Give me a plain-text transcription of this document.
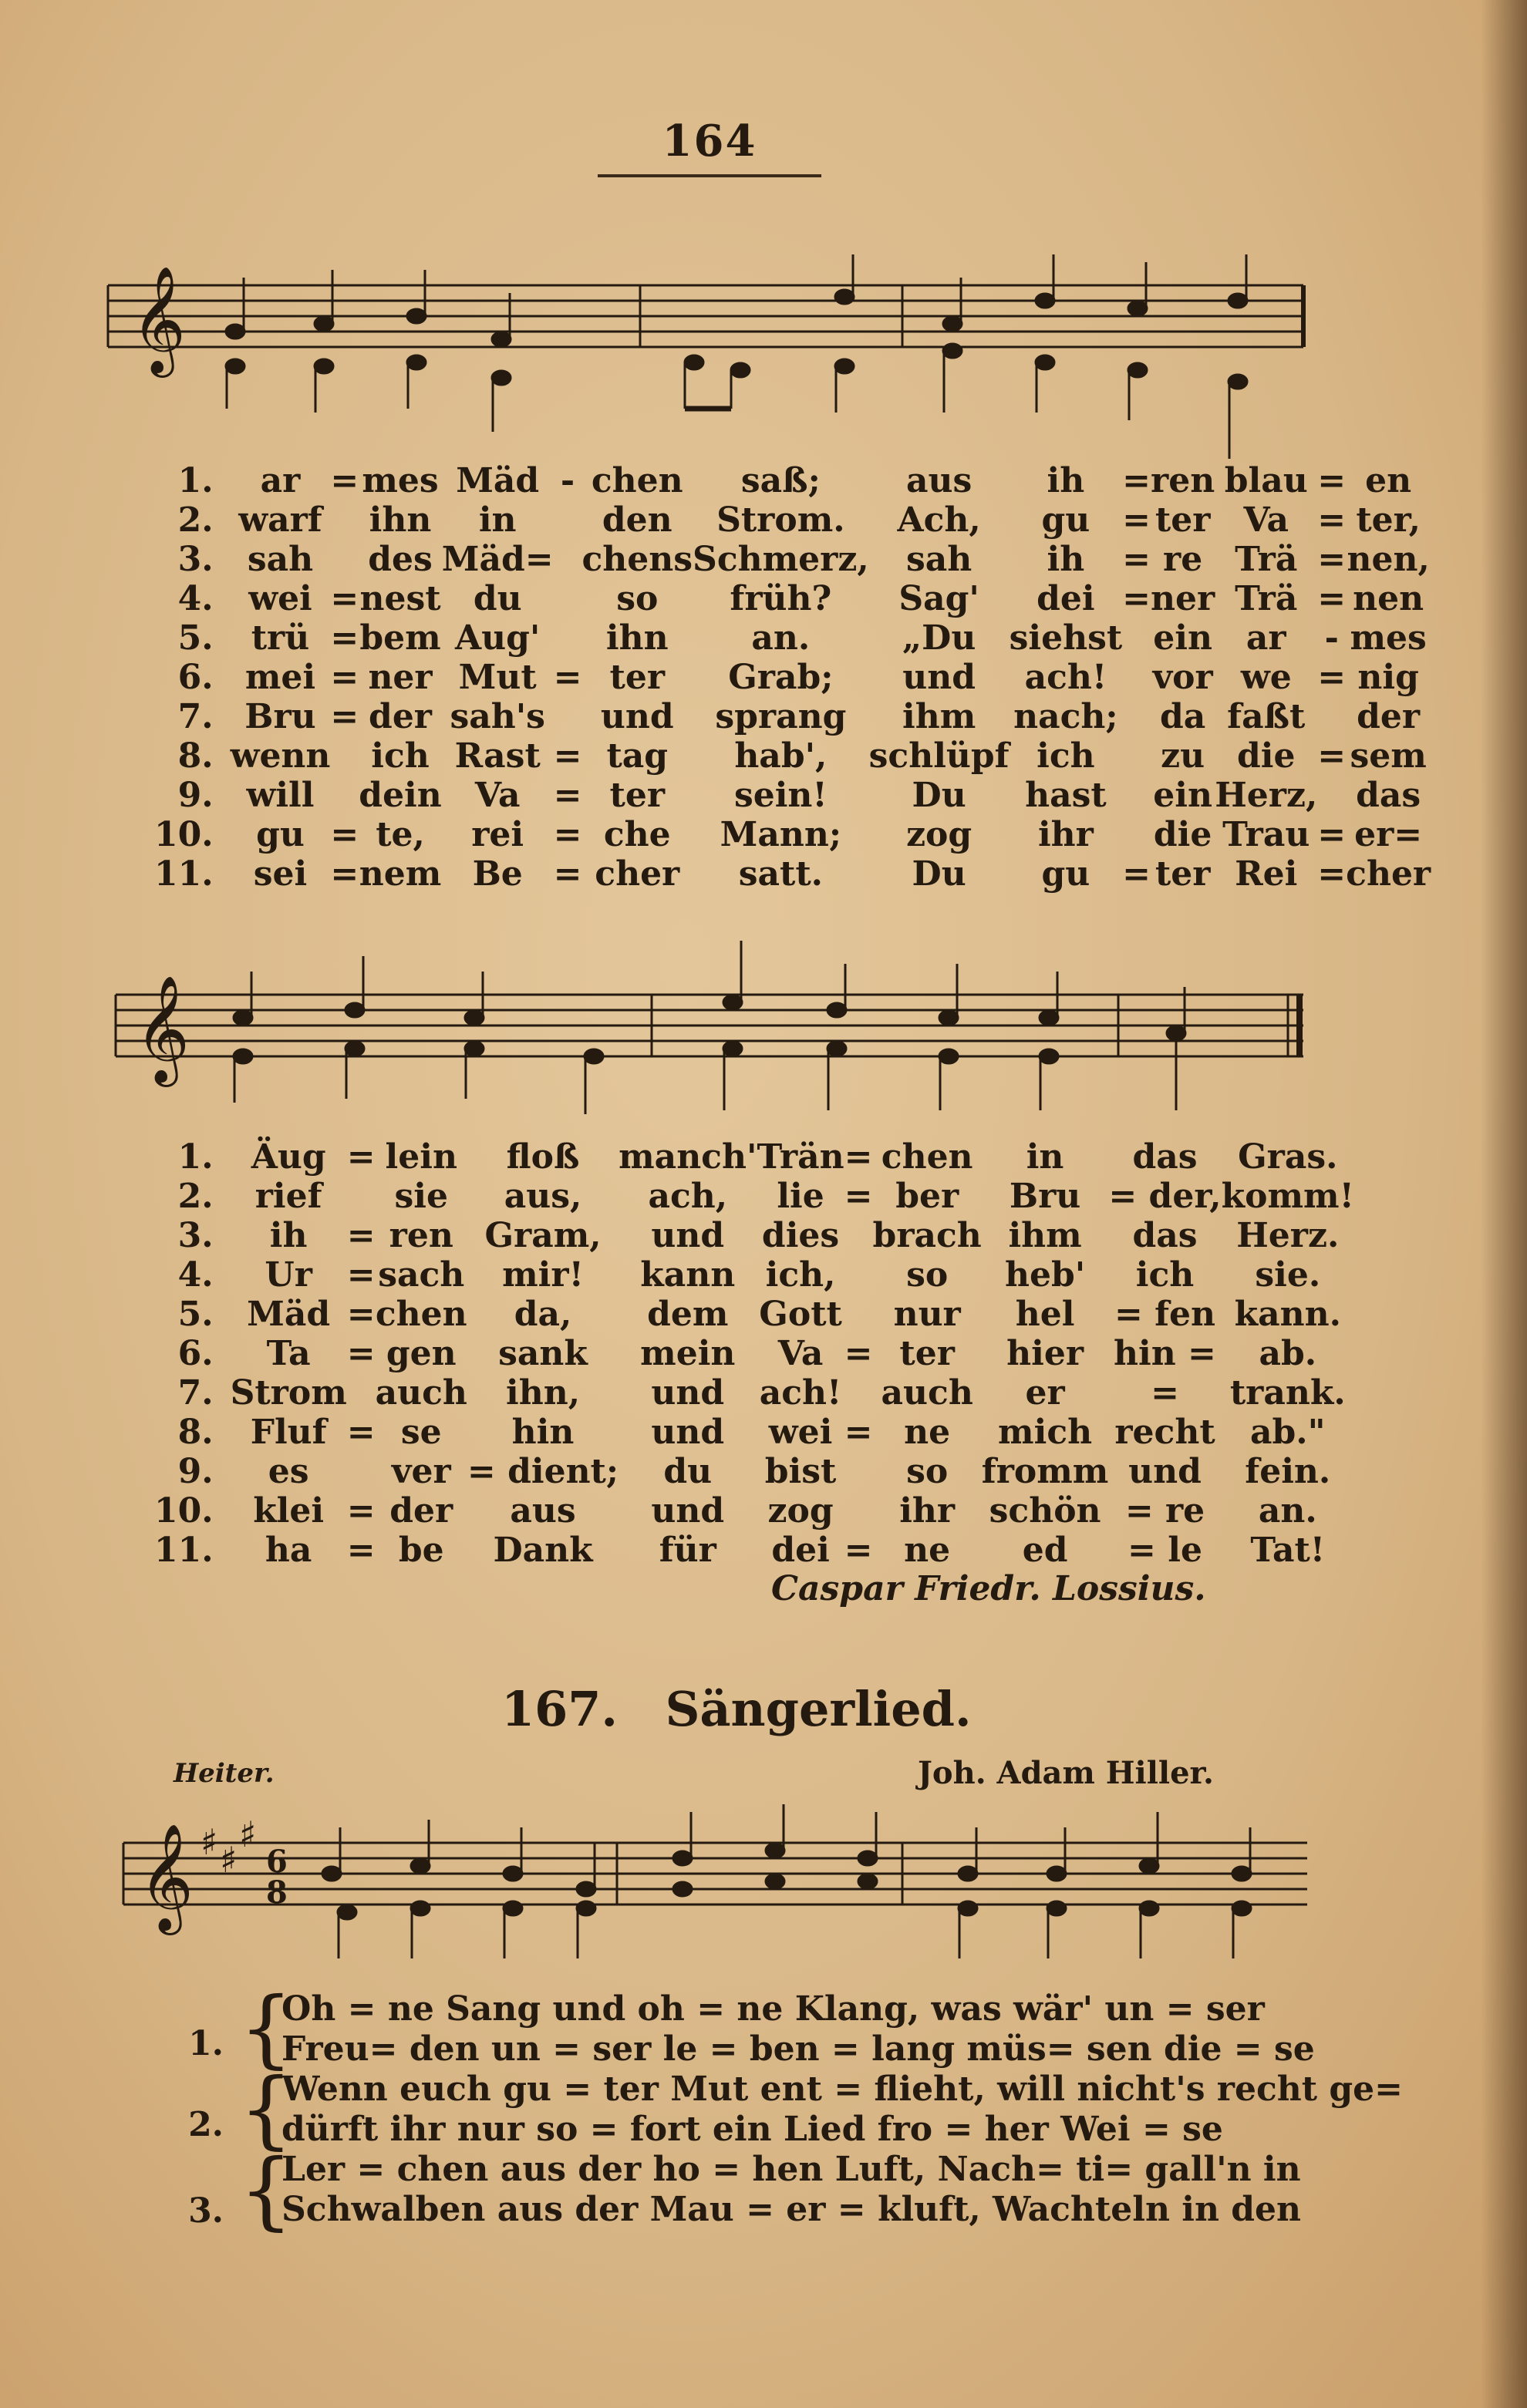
164
𝄞
1.	ar	=	mes	Mäd	-	chen	saß;	aus	ih	=	ren	blau	=	en
2.	warf		ihn	in		den	Strom.	Ach,	gu	=	ter	Va	=	ter,
3.	sah		des	Mäd=		chens	Schmerz,	sah	ih	=	re	Trä	=	nen,
4.	wei	=	nest	du		so	früh?	Sag'	dei	=	ner	Trä	=	nen
5.	trü	=	bem	Aug'		ihn	an.	„Du	siehst		ein	ar	-	mes
6.	mei	=	ner	Mut	=	ter	Grab;	und	ach!		vor	we	=	nig
7.	Bru	=	der	sah's		und	sprang	ihm	nach;		da	faßt		der
8.	wenn		ich	Rast	=	tag	hab',	schlüpf	ich		zu	die	=	sem
9.	will		dein	Va	=	ter	sein!	Du	hast		ein	Herz,		das
10.	gu	=	te,	rei	=	che	Mann;	zog	ihr		die	Trau	=	er=
11.	sei	=	nem	Be	=	cher	satt.	Du	gu	=	ter	Rei	=	cher
𝄞
1.	Äug	=	lein	floß	manch'	Trän	=	chen	in	das	Gras.
2.	rief		sie	aus,	ach,	lie	=	ber	Bru	= der,	komm!
3.	ih	=	ren	Gram,	und	dies		brach	ihm	das	Herz.
4.	Ur	=	sach	mir!	kann	ich,		so	heb'	ich	sie.
5.	Mäd	=	chen	da,	dem	Gott		nur	hel	= fen	kann.
6.	Ta	=	gen	sank	mein	Va	=	ter	hier	hin =	ab.
7.	Strom		auch	ihn,	und	ach!		auch	er	=	trank.
8.	Fluf	=	se	hin	und	wei	=	ne	mich	recht	ab."
9.	es		ver	= dient;	du	bist		so	fromm	und	fein.
10.	klei	=	der	aus	und	zog		ihr	schön	= re	an.
11.	ha	=	be	Dank	für	dei	=	ne	ed	= le	Tat!
Caspar Friedr. Lossius.
167. Sängerlied.
Heiter.	Joh. Adam Hiller.
𝄞 ♯ ♯
♯
6
8
1. {
Oh = ne Sang und oh = ne Klang, was wär' un = ser
Freu= den un = ser le = ben = lang müs= sen die = se
2. {
Wenn euch gu = ter Mut ent = flieht, will nicht's recht ge=
dürft ihr nur so = fort ein Lied fro = her Wei = se
3. {
Ler = chen aus der ho = hen Luft, Nach= ti= gall'n in
Schwalben aus der Mau = er = kluft, Wachteln in den
